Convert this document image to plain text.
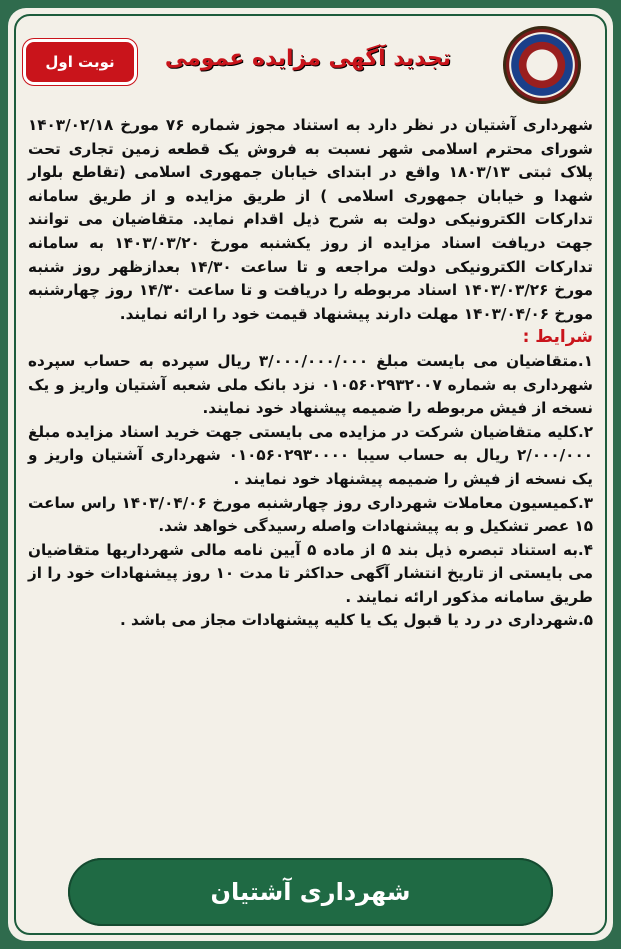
نوبت اول	تجدید آگهی مزایده عمومی

شهرداری آشتیان در نظر دارد به استناد مجوز شماره ۷۶ مورخ ۱۴۰۳/۰۲/۱۸ شورای محترم اسلامی شهر نسبت به فروش یک قطعه زمین تجاری تحت پلاک ثبتی ۱۸۰۳/۱۳ واقع در ابتدای خیابان جمهوری اسلامی (تقاطع بلوار شهدا و خیابان جمهوری اسلامی ) از طریق مزایده و از طریق سامانه تدارکات الکترونیکی دولت به شرح ذیل اقدام نماید. متقاضیان می توانند جهت دریافت اسناد مزایده از روز یکشنبه مورخ ۱۴۰۳/۰۳/۲۰ به سامانه تدارکات الکترونیکی دولت مراجعه و تا ساعت ۱۴/۳۰ بعدازظهر روز شنبه مورخ ۱۴۰۳/۰۳/۲۶ اسناد مربوطه را دریافت و تا ساعت ۱۴/۳۰ روز چهارشنبه مورخ ۱۴۰۳/۰۴/۰۶ مهلت دارند پیشنهاد قیمت خود را ارائه نمایند.

شرایط :

۱.متقاضیان می بایست مبلغ ۳/۰۰۰/۰۰۰/۰۰۰ ریال سپرده به حساب سپرده شهرداری به شماره ۰۱۰۵۶۰۲۹۳۲۰۰۷ نزد بانک ملی شعبه آشتیان واریز و یک نسخه از فیش مربوطه را ضمیمه پیشنهاد خود نمایند.

۲.کلیه متقاضیان شرکت در مزایده می بایستی جهت خرید اسناد مزایده مبلغ ۲/۰۰۰/۰۰۰ ریال به حساب سیبا ۰۱۰۵۶۰۲۹۳۰۰۰۰ شهرداری آشتیان واریز و یک نسخه از فیش را ضمیمه پیشنهاد خود نمایند .

۳.کمیسیون معاملات شهرداری روز چهارشنبه مورخ ۱۴۰۳/۰۴/۰۶ راس ساعت ۱۵ عصر تشکیل و به پیشنهادات واصله رسیدگی خواهد شد.

۴.به استناد تبصره ذیل بند ۵ از ماده ۵ آیین نامه مالی شهرداریها متقاضیان می بایستی از تاریخ انتشار آگهی حداکثر تا مدت ۱۰ روز پیشنهادات خود را از طریق سامانه مذکور ارائه نمایند .

۵.شهرداری در رد یا قبول یک یا کلیه پیشنهادات مجاز می باشد .

شهرداری آشتیان
